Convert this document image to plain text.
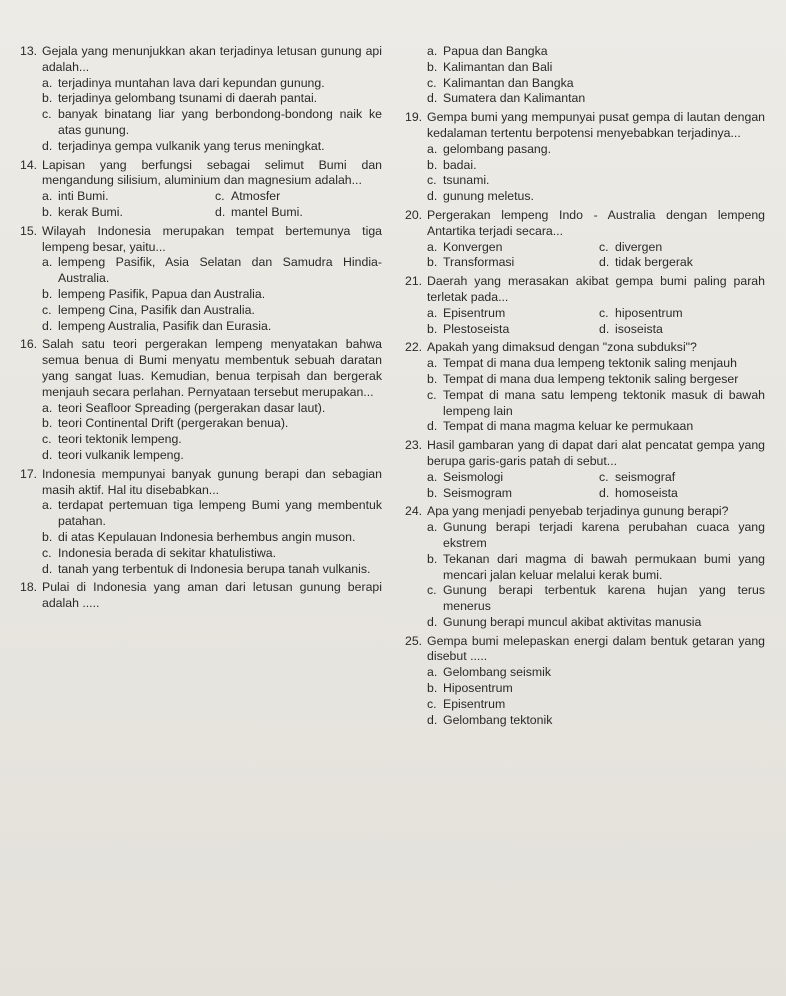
13. Gejala yang menunjukkan akan terjadinya letusan gunung api adalah...
a. terjadinya muntahan lava dari kepundan gunung.
b. terjadinya gelombang tsunami di daerah pantai.
c. banyak binatang liar yang berbondong-bondong naik ke atas gunung.
d. terjadinya gempa vulkanik yang terus meningkat.
14. Lapisan yang berfungsi sebagai selimut Bumi dan mengandung silisium, aluminium dan magnesium adalah...
a. inti Bumi.	c. Atmosfer
b. kerak Bumi.	d. mantel Bumi.
15. Wilayah Indonesia merupakan tempat bertemunya tiga lempeng besar, yaitu...
a. lempeng Pasifik, Asia Selatan dan Samudra Hindia-Australia.
b. lempeng Pasifik, Papua dan Australia.
c. lempeng Cina, Pasifik dan Australia.
d. lempeng Australia, Pasifik dan Eurasia.
16. Salah satu teori pergerakan lempeng menyatakan bahwa semua benua di Bumi menyatu membentuk sebuah daratan yang sangat luas. Kemudian, benua terpisah dan bergerak menjauh secara perlahan. Pernyataan tersebut merupakan...
a. teori Seafloor Spreading (pergerakan dasar laut).
b. teori Continental Drift (pergerakan benua).
c. teori tektonik lempeng.
d. teori vulkanik lempeng.
17. Indonesia mempunyai banyak gunung berapi dan sebagian masih aktif. Hal itu disebabkan...
a. terdapat pertemuan tiga lempeng Bumi yang membentuk patahan.
b. di atas Kepulauan Indonesia berhembus angin muson.
c. Indonesia berada di sekitar khatulistiwa.
d. tanah yang terbentuk di Indonesia berupa tanah vulkanis.
18. Pulai di Indonesia yang aman dari letusan gunung berapi adalah .....
a. Papua dan Bangka
b. Kalimantan dan Bali
c. Kalimantan dan Bangka
d. Sumatera dan Kalimantan
19. Gempa bumi yang mempunyai pusat gempa di lautan dengan kedalaman tertentu berpotensi menyebabkan terjadinya...
a. gelombang pasang.
b. badai.
c. tsunami.
d. gunung meletus.
20. Pergerakan lempeng Indo - Australia dengan lempeng Antartika terjadi secara...
a. Konvergen	c. divergen
b. Transformasi	d. tidak bergerak
21. Daerah yang merasakan akibat gempa bumi paling parah terletak pada...
a. Episentrum	c. hiposentrum
b. Plestoseista	d. isoseista
22. Apakah yang dimaksud dengan "zona subduksi"?
a. Tempat di mana dua lempeng tektonik saling menjauh
b. Tempat di mana dua lempeng tektonik saling bergeser
c. Tempat di mana satu lempeng tektonik masuk di bawah lempeng lain
d. Tempat di mana magma keluar ke permukaan
23. Hasil gambaran yang di dapat dari alat pencatat gempa yang berupa garis-garis patah di sebut...
a. Seismologi	c. seismograf
b. Seismogram	d. homoseista
24. Apa yang menjadi penyebab terjadinya gunung berapi?
a. Gunung berapi terjadi karena perubahan cuaca yang ekstrem
b. Tekanan dari magma di bawah permukaan bumi yang mencari jalan keluar melalui kerak bumi.
c. Gunung berapi terbentuk karena hujan yang terus menerus
d. Gunung berapi muncul akibat aktivitas manusia
25. Gempa bumi melepaskan energi dalam bentuk getaran yang disebut .....
a. Gelombang seismik
b. Hiposentrum
c. Episentrum
d. Gelombang tektonik
